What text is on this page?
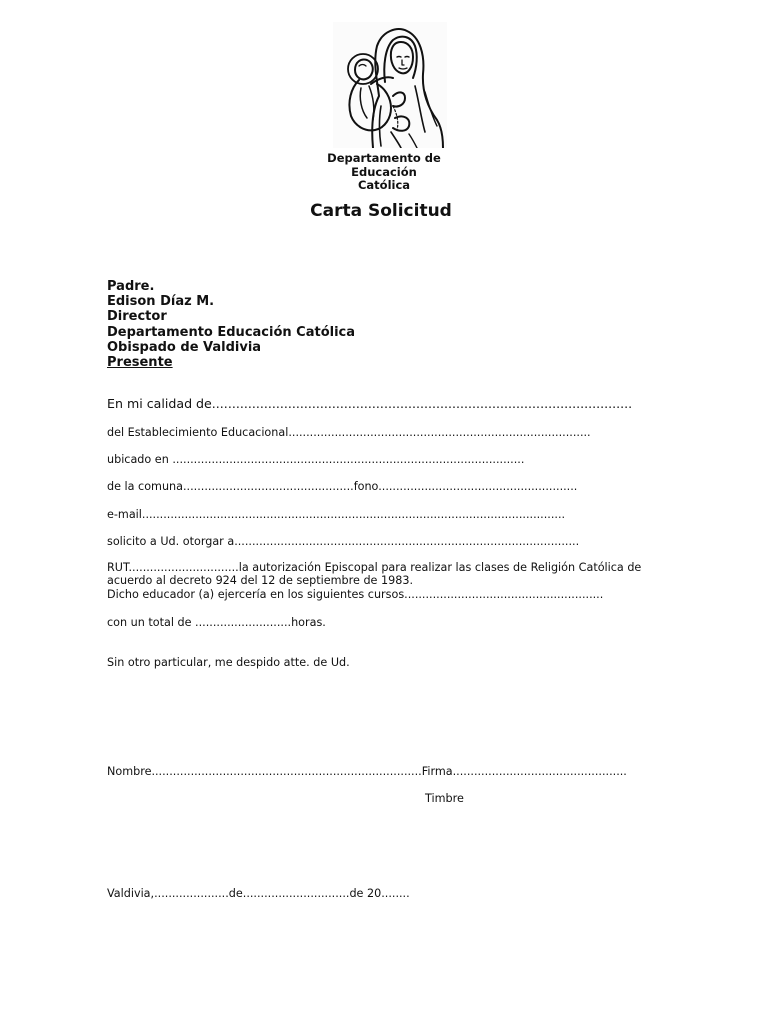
Departamento de
Educación
Católica
Carta Solicitud
Padre.
Edison Díaz M.
Director
Departamento Educación Católica
Obispado de Valdivia
Presente
En mi calidad de.........................................................................................................
del Establecimiento Educacional.....................................................................................
ubicado en ...................................................................................................
de la comuna................................................fono........................................................
e-mail.......................................................................................................................
solicito a Ud. otorgar a.................................................................................................
RUT...............................la autorización Episcopal para realizar las clases de Religión Católica de
acuerdo al decreto 924 del 12 de septiembre de 1983.
Dicho educador (a) ejercería en los siguientes cursos........................................................
con un total de ...........................horas.
Sin otro particular, me despido atte. de Ud.
Nombre............................................................................Firma.................................................
Timbre
Valdivia,.....................de..............................de 20........
